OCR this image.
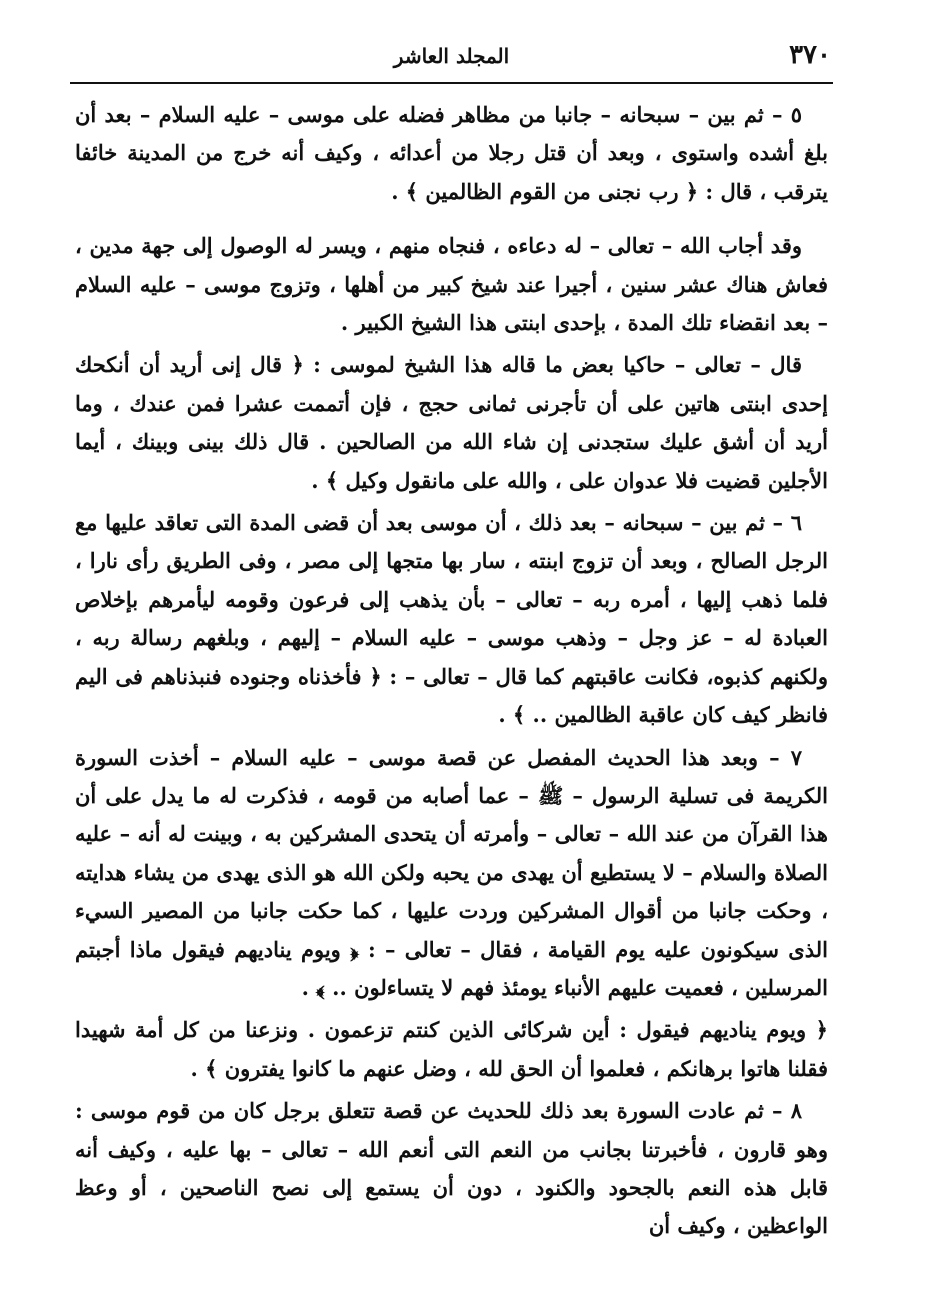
٣٧٠
المجلد العاشر

٥ – ثم بين – سبحانه – جانبا من مظاهر فضله على موسى – عليه السلام – بعد أن بلغ أشده واستوى ، وبعد أن قتل رجلا من أعدائه ، وكيف أنه خرج من المدينة خائفا يترقب ، قال : ﴿ رب نجنى من القوم الظالمين ﴾ .

وقد أجاب الله – تعالى – له دعاءه ، فنجاه منهم ، ويسر له الوصول إلى جهة مدين ، فعاش هناك عشر سنين ، أجيرا عند شيخ كبير من أهلها ، وتزوج موسى – عليه السلام – بعد انقضاء تلك المدة ، بإحدى ابنتى هذا الشيخ الكبير .

قال – تعالى – حاكيا بعض ما قاله هذا الشيخ لموسى : ﴿ قال إنى أريد أن أنكحك إحدى ابنتى هاتين على أن تأجرنى ثمانى حجج ، فإن أتممت عشرا فمن عندك ، وما أريد أن أشق عليك ستجدنى إن شاء الله من الصالحين . قال ذلك بينى وبينك ، أيما الأجلين قضيت فلا عدوان على ، والله على مانقول وكيل ﴾ .

٦ – ثم بين – سبحانه – بعد ذلك ، أن موسى بعد أن قضى المدة التى تعاقد عليها مع الرجل الصالح ، وبعد أن تزوج ابنته ، سار بها متجها إلى مصر ، وفى الطريق رأى نارا ، فلما ذهب إليها ، أمره ربه – تعالى – بأن يذهب إلى فرعون وقومه ليأمرهم بإخلاص العبادة له – عز وجل – وذهب موسى – عليه السلام – إليهم ، وبلغهم رسالة ربه ، ولكنهم كذبوه، فكانت عاقبتهم كما قال – تعالى – : ﴿ فأخذناه وجنوده فنبذناهم فى اليم فانظر كيف كان عاقبة الظالمين .. ﴾ .

٧ – وبعد هذا الحديث المفصل عن قصة موسى – عليه السلام – أخذت السورة الكريمة فى تسلية الرسول – ﷺ – عما أصابه من قومه ، فذكرت له ما يدل على أن هذا القرآن من عند الله – تعالى – وأمرته أن يتحدى المشركين به ، وبينت له أنه – عليه الصلاة والسلام – لا يستطيع أن يهدى من يحبه ولكن الله هو الذى يهدى من يشاء هدايته ، وحكت جانبا من أقوال المشركين وردت عليها ، كما حكت جانبا من المصير السيء الذى سيكونون عليه يوم القيامة ، فقال – تعالى – : ﴿ ويوم يناديهم فيقول ماذا أجبتم المرسلين ، فعميت عليهم الأنباء يومئذ فهم لا يتساءلون .. ﴾ .

﴿ ويوم يناديهم فيقول : أين شركائى الذين كنتم تزعمون . ونزعنا من كل أمة شهيدا فقلنا هاتوا برهانكم ، فعلموا أن الحق لله ، وضل عنهم ما كانوا يفترون ﴾ .

٨ – ثم عادت السورة بعد ذلك للحديث عن قصة تتعلق برجل كان من قوم موسى : وهو قارون ، فأخبرتنا بجانب من النعم التى أنعم الله – تعالى – بها عليه ، وكيف أنه قابل هذه النعم بالجحود والكنود ، دون أن يستمع إلى نصح الناصحين ، أو وعظ الواعظين ، وكيف أن
